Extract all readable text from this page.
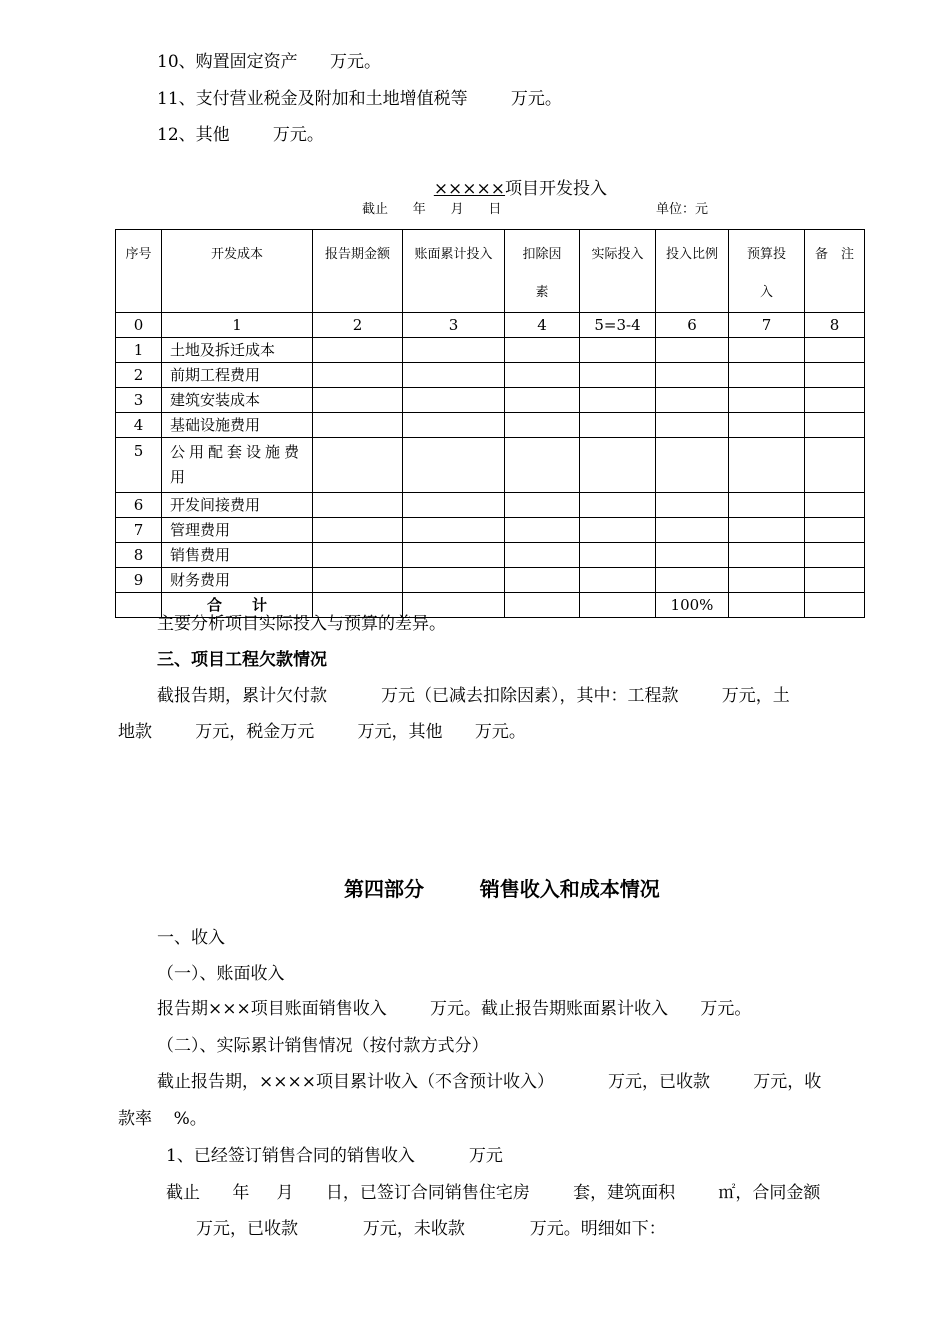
10、购置固定资产      万元。
11、支付营业税金及附加和土地增值税等        万元。
12、其他        万元。

×××××项目开发投入

截止      年      月      日	单位：元
序号	开发成本	报告期金额	账面累计投入	扣除因素	实际投入	投入比例	预算投入	备　注
0	1	2	3	4	5=3-4	6	7	8
1	土地及拆迁成本							
2	前期工程费用							
3	建筑安装成本							
4	基础设施费用							
5	公用配套设施费用							
6	开发间接费用							
7	管理费用							
8	销售费用							
9	财务费用							
	合　　计					100%		
主要分析项目实际投入与预算的差异。
三、项目工程欠款情况
截报告期，累计欠付款          万元（已减去扣除因素），其中：工程款        万元，土
地款        万元，税金万元        万元，其他      万元。
第四部分        销售收入和成本情况
一、收入
（一）、账面收入
报告期×××项目账面销售收入        万元。截止报告期账面累计收入      万元。
（二）、实际累计销售情况（按付款方式分）
截止报告期，××××项目累计收入（不含预计收入）          万元，已收款        万元，收
款率    %。
1、已经签订销售合同的销售收入          万元
截止      年     月      日，已签订合同销售住宅房        套，建筑面积        ㎡，合同金额
万元，已收款            万元，未收款            万元。明细如下：
